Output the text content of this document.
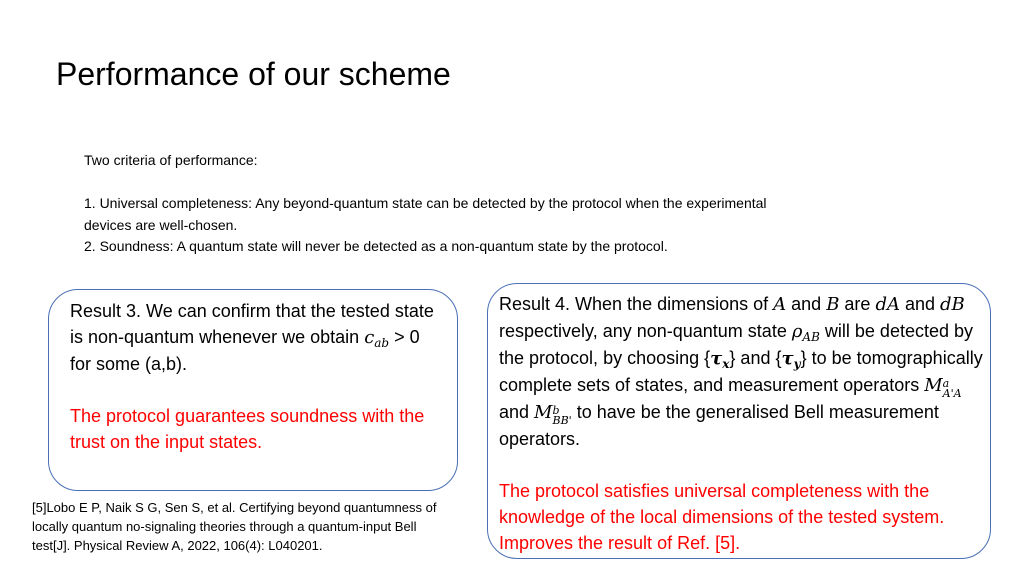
Performance of our scheme

Two criteria of performance:

1. Universal completeness: Any beyond-quantum state can be detected by the protocol when the experimental

devices are well-chosen.

2. Soundness: A quantum state will never be detected as a non-quantum state by the protocol.

Result 3. We can confirm that the tested state is non-quantum whenever we obtain $c_{ab} > 0$ for some (a,b).

The protocol guarantees soundness with the trust on the input states.

Result 4. When the dimensions of A and B are dA and dB respectively, any non-quantum state $\rho_{AB}$ will be detected by the protocol, by choosing $\{\tau_x\}$ and $\{\tau_y\}$ to be tomographically complete sets of states, and measurement operators M a
A'A
and M b
BB' to have be the generalised Bell measurement operators.

The protocol satisfies universal completeness with the knowledge of the local dimensions of the tested system. Improves the result of Ref. [5].

[5]Lobo E P, Naik S G, Sen S, et al. Certifying beyond quantumness of locally quantum no-signaling theories through a quantum-input Bell test[J]. Physical Review A, 2022, 106(4): L040201.
